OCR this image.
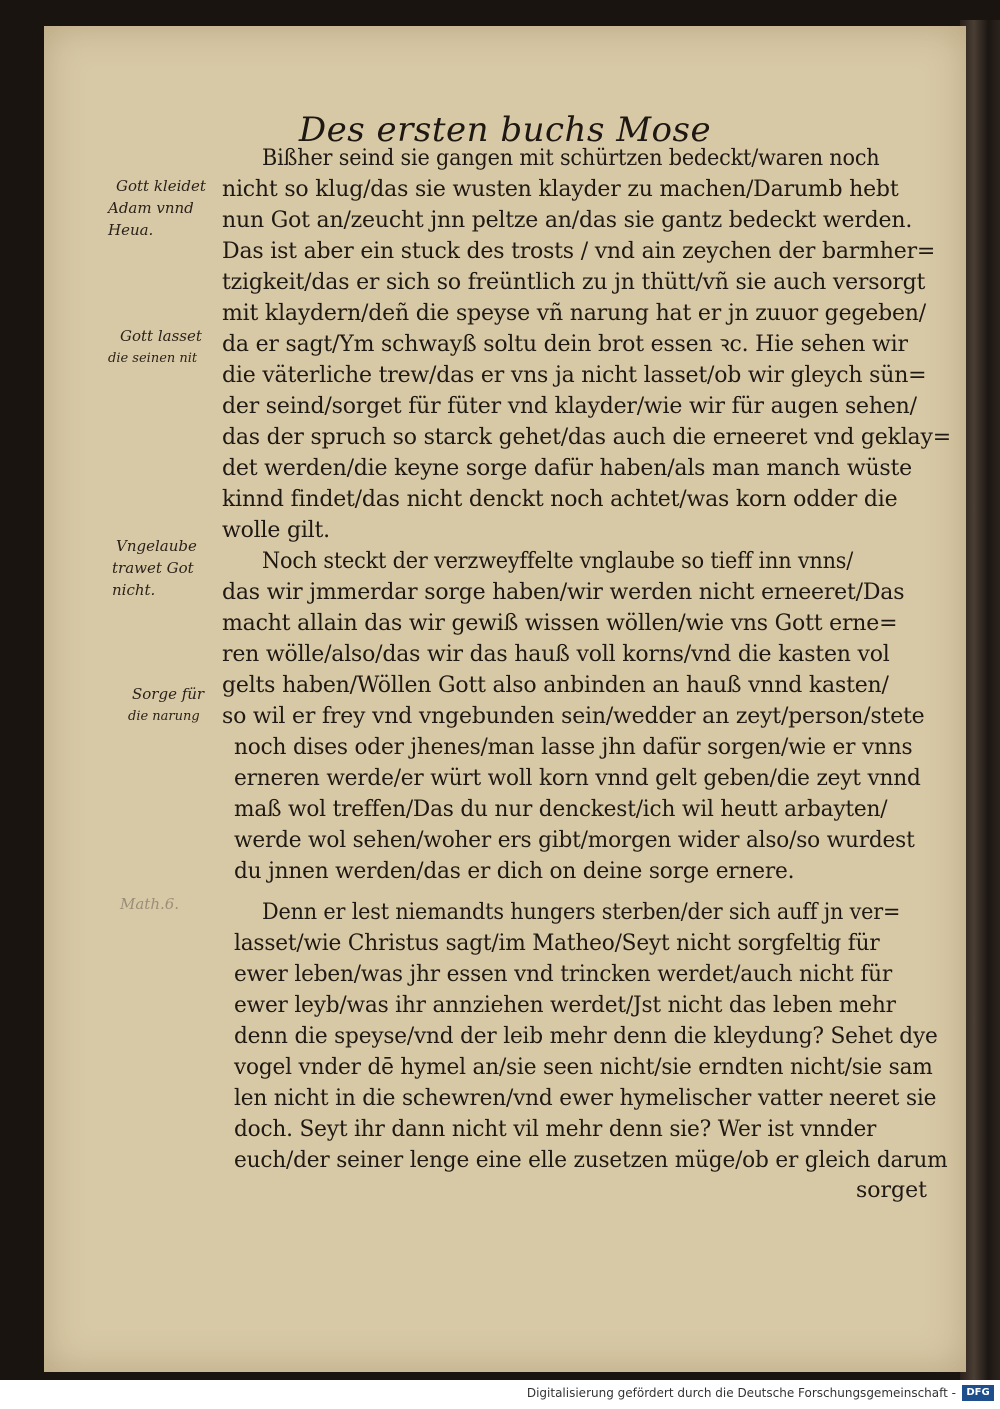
Des ersten buchs Mose
Gott kleidet
Adam vnnd
Heua.
Gott lasset
die seinen nit
Vngelaube
trawet Got
nicht.
Sorge für
die narung
Math.6.
Bißher seind sie gangen mit schürtzen bedeckt/waren noch
nicht so klug/das sie wusten klayder zu machen/Darumb hebt
nun Got an/zeucht jnn peltze an/das sie gantz bedeckt werden.
Das ist aber ein stuck des trosts / vnd ain zeychen der barmher=
tzigkeit/das er sich so freüntlich zu jn thütt/vñ sie auch versorgt
mit klaydern/deñ die speyse vñ narung hat er jn zuuor gegeben/
da er sagt/Ym schwayß soltu dein brot essen ꝛc. Hie sehen wir
die väterliche trew/das er vns ja nicht lasset/ob wir gleych sün=
der seind/sorget für füter vnd klayder/wie wir für augen sehen/
das der spruch so starck gehet/das auch die erneeret vnd geklay=
det werden/die keyne sorge dafür haben/als man manch wüste
kinnd findet/das nicht denckt noch achtet/was korn odder die
wolle gilt.
Noch steckt der verzweyffelte vnglaube so tieff inn vnns/
das wir jmmerdar sorge haben/wir werden nicht erneeret/Das
macht allain das wir gewiß wissen wöllen/wie vns Gott erne=
ren wölle/also/das wir das hauß voll korns/vnd die kasten vol
gelts haben/Wöllen Gott also anbinden an hauß vnnd kasten/
so wil er frey vnd vngebunden sein/wedder an zeyt/person/stete
noch dises oder jhenes/man lasse jhn dafür sorgen/wie er vnns
erneren werde/er würt woll korn vnnd gelt geben/die zeyt vnnd
maß wol treffen/Das du nur denckest/ich wil heutt arbayten/
werde wol sehen/woher ers gibt/morgen wider also/so wurdest
du jnnen werden/das er dich on deine sorge ernere.
Denn er lest niemandts hungers sterben/der sich auff jn ver=
lasset/wie Christus sagt/im Matheo/Seyt nicht sorgfeltig für
ewer leben/was jhr essen vnd trincken werdet/auch nicht für
ewer leyb/was ihr annziehen werdet/Jst nicht das leben mehr
denn die speyse/vnd der leib mehr denn die kleydung? Sehet dye
vogel vnder dē hymel an/sie seen nicht/sie erndten nicht/sie sam
len nicht in die schewren/vnd ewer hymelischer vatter neeret sie
doch. Seyt ihr dann nicht vil mehr denn sie? Wer ist vnnder
euch/der seiner lenge eine elle zusetzen müge/ob er gleich darum
sorget
Digitalisierung gefördert durch die Deutsche Forschungsgemeinschaft -	DFG
